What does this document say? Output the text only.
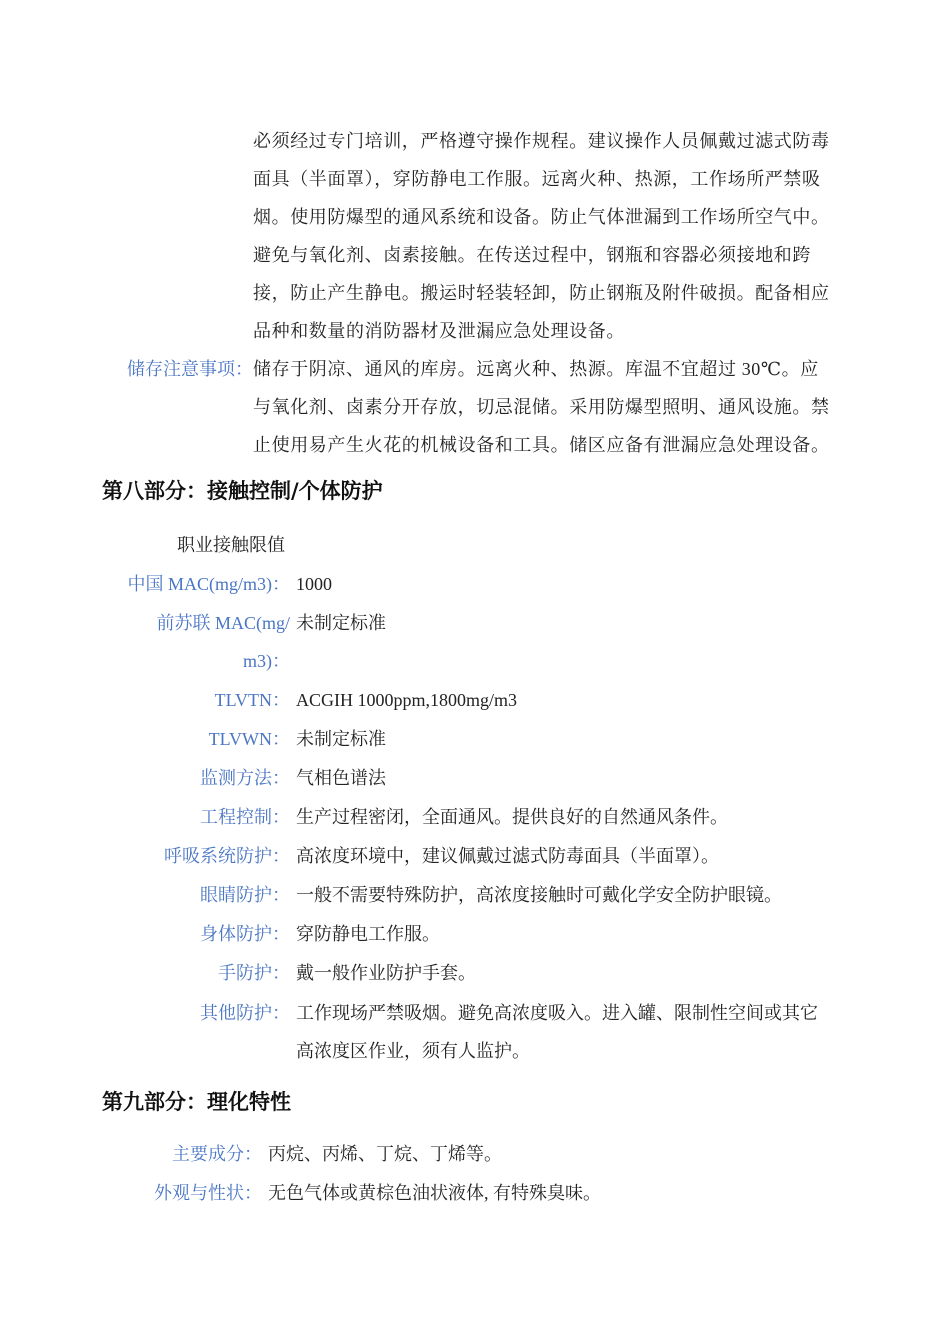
必须经过专门培训，严格遵守操作规程。建议操作人员佩戴过滤式防毒
面具（半面罩），穿防静电工作服。远离火种、热源，工作场所严禁吸
烟。使用防爆型的通风系统和设备。防止气体泄漏到工作场所空气中。
避免与氧化剂、卤素接触。在传送过程中，钢瓶和容器必须接地和跨
接，防止产生静电。搬运时轻装轻卸，防止钢瓶及附件破损。配备相应
品种和数量的消防器材及泄漏应急处理设备。
储存注意事项： 储存于阴凉、通风的库房。远离火种、热源。库温不宜超过 30℃。应
与氧化剂、卤素分开存放，切忌混储。采用防爆型照明、通风设施。禁
止使用易产生火花的机械设备和工具。储区应备有泄漏应急处理设备。
第八部分：接触控制/个体防护
职业接触限值
中国 MAC(mg/m3)： 1000
前苏联 MAC(mg/
m3)：
未制定标准
TLVTN： ACGIH 1000ppm,1800mg/m3
TLVWN： 未制定标准
监测方法： 气相色谱法
工程控制： 生产过程密闭，全面通风。提供良好的自然通风条件。
呼吸系统防护： 高浓度环境中，建议佩戴过滤式防毒面具（半面罩）。
眼睛防护： 一般不需要特殊防护，高浓度接触时可戴化学安全防护眼镜。
身体防护： 穿防静电工作服。
手防护： 戴一般作业防护手套。
其他防护： 工作现场严禁吸烟。避免高浓度吸入。进入罐、限制性空间或其它
高浓度区作业，须有人监护。
第九部分：理化特性
主要成分： 丙烷、丙烯、丁烷、丁烯等。
外观与性状： 无色气体或黄棕色油状液体, 有特殊臭味。
